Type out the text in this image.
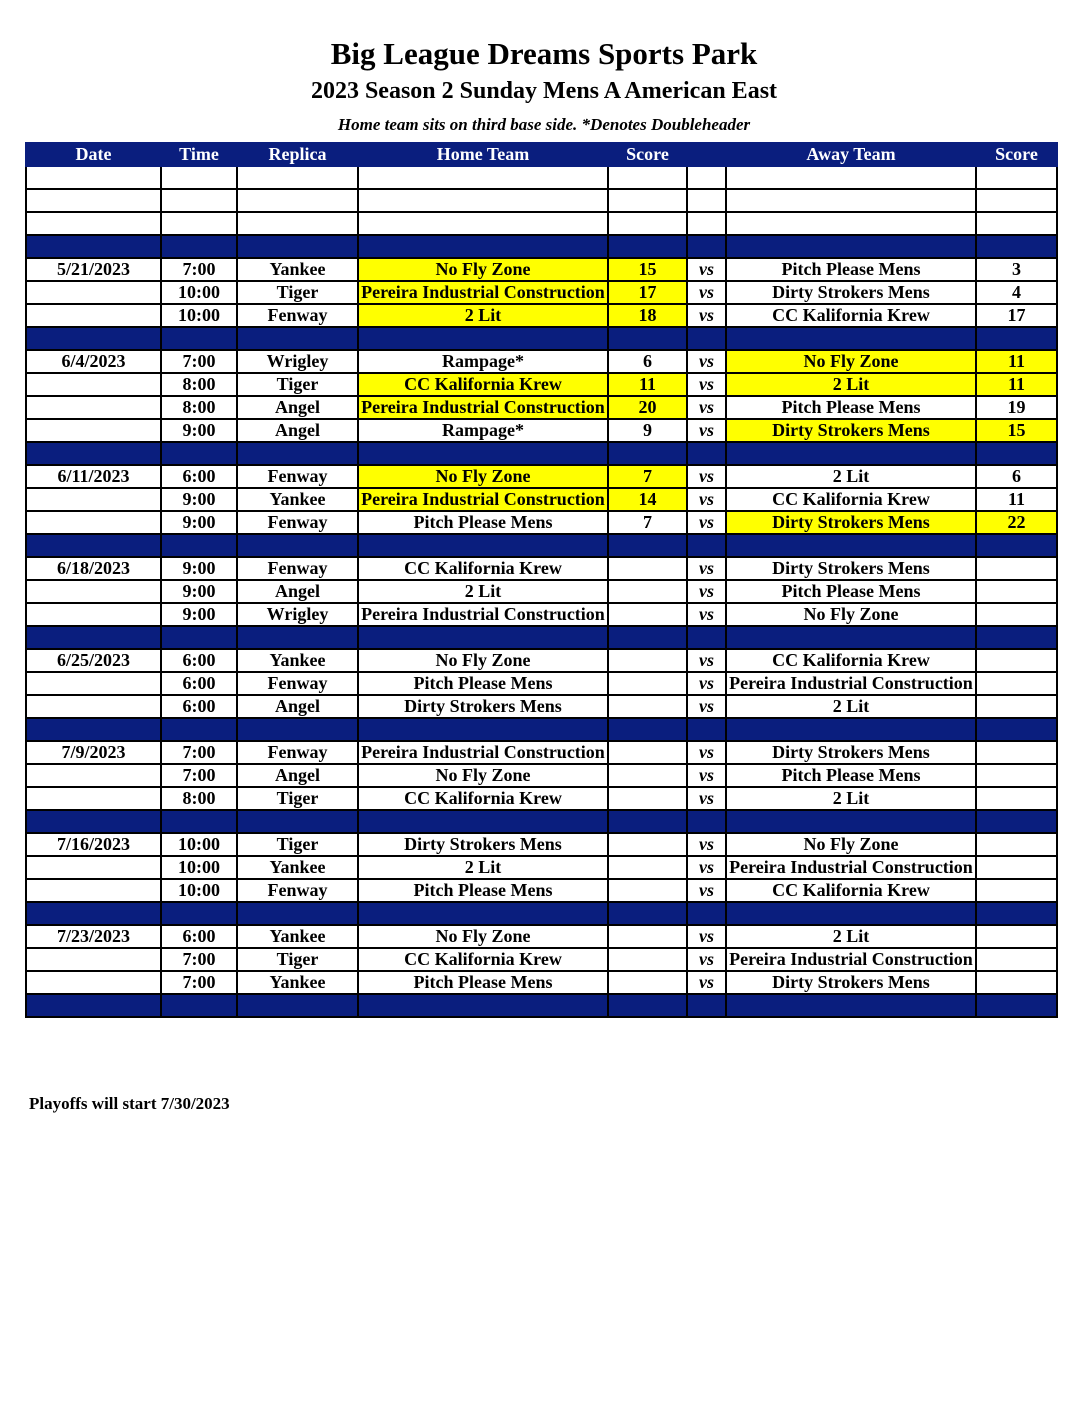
Big League Dreams Sports Park
2023 Season 2 Sunday Mens A American East
Home team sits on third base side. *Denotes Doubleheader
Date	Time	Replica	Home Team	Score		Away Team	Score

5/21/2023	7:00	Yankee	No Fly Zone	15	vs	Pitch Please Mens	3
	10:00	Tiger	Pereira Industrial Construction	17	vs	Dirty Strokers Mens	4
	10:00	Fenway	2 Lit	18	vs	CC Kalifornia Krew	17

6/4/2023	7:00	Wrigley	Rampage*	6	vs	No Fly Zone	11
	8:00	Tiger	CC Kalifornia Krew	11	vs	2 Lit	11
	8:00	Angel	Pereira Industrial Construction	20	vs	Pitch Please Mens	19
	9:00	Angel	Rampage*	9	vs	Dirty Strokers Mens	15

6/11/2023	6:00	Fenway	No Fly Zone	7	vs	2 Lit	6
	9:00	Yankee	Pereira Industrial Construction	14	vs	CC Kalifornia Krew	11
	9:00	Fenway	Pitch Please Mens	7	vs	Dirty Strokers Mens	22

6/18/2023	9:00	Fenway	CC Kalifornia Krew		vs	Dirty Strokers Mens	
	9:00	Angel	2 Lit		vs	Pitch Please Mens	
	9:00	Wrigley	Pereira Industrial Construction		vs	No Fly Zone	

6/25/2023	6:00	Yankee	No Fly Zone		vs	CC Kalifornia Krew	
	6:00	Fenway	Pitch Please Mens		vs	Pereira Industrial Construction	
	6:00	Angel	Dirty Strokers Mens		vs	2 Lit	

7/9/2023	7:00	Fenway	Pereira Industrial Construction		vs	Dirty Strokers Mens	
	7:00	Angel	No Fly Zone		vs	Pitch Please Mens	
	8:00	Tiger	CC Kalifornia Krew		vs	2 Lit	

7/16/2023	10:00	Tiger	Dirty Strokers Mens		vs	No Fly Zone	
	10:00	Yankee	2 Lit		vs	Pereira Industrial Construction	
	10:00	Fenway	Pitch Please Mens		vs	CC Kalifornia Krew	

7/23/2023	6:00	Yankee	No Fly Zone		vs	2 Lit	
	7:00	Tiger	CC Kalifornia Krew		vs	Pereira Industrial Construction	
	7:00	Yankee	Pitch Please Mens		vs	Dirty Strokers Mens	

Playoffs will start 7/30/2023
